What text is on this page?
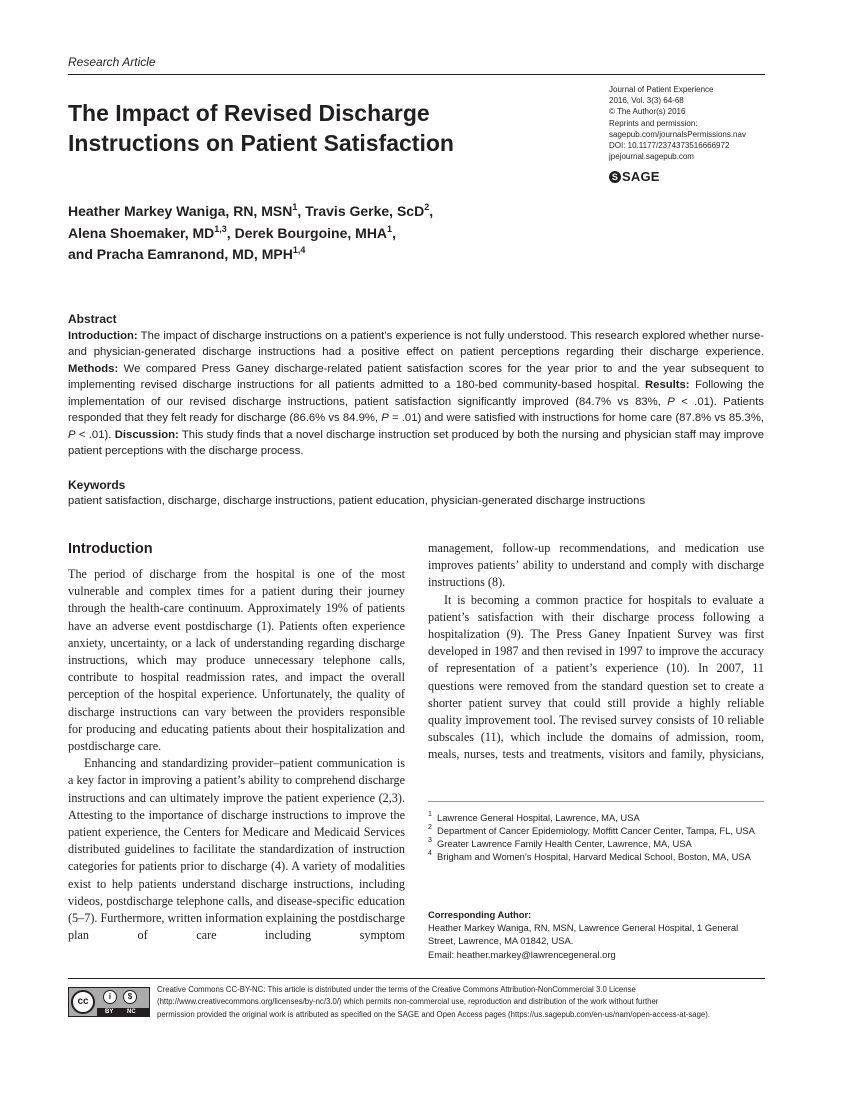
Research Article
The Impact of Revised Discharge
Instructions on Patient Satisfaction
Journal of Patient Experience
2016, Vol. 3(3) 64-68
© The Author(s) 2016
Reprints and permission:
sagepub.com/journalsPermissions.nav
DOI: 10.1177/2374373516666972
jpejournal.sagepub.com
S SAGE
Heather Markey Waniga, RN, MSN$^1$, Travis Gerke, ScD$^2$,
Alena Shoemaker, MD$^{1,3}$, Derek Bourgoine, MHA$^1$,
and Pracha Eamranond, MD, MPH$^{1,4}$
Abstract

Introduction: The impact of discharge instructions on a patient’s experience is not fully understood. This research explored whether nurse- and physician-generated discharge instructions had a positive effect on patient perceptions regarding their discharge experience. Methods: We compared Press Ganey discharge-related patient satisfaction scores for the year prior to and the year subsequent to implementing revised discharge instructions for all patients admitted to a 180-bed community-based hospital. Results: Following the implementation of our revised discharge instructions, patient satisfaction significantly improved (84.7% vs 83%, P < .01). Patients responded that they felt ready for discharge (86.6% vs 84.9%, P = .01) and were satisfied with instructions for home care (87.8% vs 85.3%, P < .01). Discussion: This study finds that a novel discharge instruction set produced by both the nursing and physician staff may improve patient perceptions with the discharge process.

Keywords
patient satisfaction, discharge, discharge instructions, patient education, physician-generated discharge instructions
Introduction

The period of discharge from the hospital is one of the most vulnerable and complex times for a patient during their journey through the health-care continuum. Approximately 19% of patients have an adverse event postdischarge (1). Patients often experience anxiety, uncertainty, or a lack of understanding regarding discharge instructions, which may produce unnecessary telephone calls, contribute to hospital readmission rates, and impact the overall perception of the hospital experience. Unfortunately, the quality of discharge instructions can vary between the providers responsible for producing and educating patients about their hospitalization and postdischarge care.

Enhancing and standardizing provider–patient communication is a key factor in improving a patient’s ability to comprehend discharge instructions and can ultimately improve the patient experience (2,3). Attesting to the importance of discharge instructions to improve the patient experience, the Centers for Medicare and Medicaid Services distributed guidelines to facilitate the standardization of instruction categories for patients prior to discharge (4). A variety of modalities exist to help patients understand discharge instructions, including videos, postdischarge telephone calls, and disease-specific education (5–7). Furthermore, written information explaining the postdischarge plan of care including symptom

management, follow-up recommendations, and medication use improves patients’ ability to understand and comply with discharge instructions (8).

It is becoming a common practice for hospitals to evaluate a patient’s satisfaction with their discharge process following a hospitalization (9). The Press Ganey Inpatient Survey was first developed in 1987 and then revised in 1997 to improve the accuracy of representation of a patient’s experience (10). In 2007, 11 questions were removed from the standard question set to create a shorter patient survey that could still provide a highly reliable quality improvement tool. The revised survey consists of 10 reliable subscales (11), which include the domains of admission, room, meals, nurses, tests and treatments, visitors and family, physicians,

1 Lawrence General Hospital, Lawrence, MA, USA
2 Department of Cancer Epidemiology, Moffitt Cancer Center, Tampa, FL, USA
3 Greater Lawrence Family Health Center, Lawrence, MA, USA
4 Brigham and Women’s Hospital, Harvard Medical School, Boston, MA, USA
Corresponding Author:
Heather Markey Waniga, RN, MSN, Lawrence General Hospital, 1 General
Street, Lawrence, MA 01842, USA.
Email: heather.markey@lawrencegeneral.org
cc	i	$
BY NC
Creative Commons CC-BY-NC: This article is distributed under the terms of the Creative Commons Attribution-NonCommercial 3.0 License
(http://www.creativecommons.org/licenses/by-nc/3.0/) which permits non-commercial use, reproduction and distribution of the work without further
permission provided the original work is attributed as specified on the SAGE and Open Access pages (https://us.sagepub.com/en-us/nam/open-access-at-sage).
